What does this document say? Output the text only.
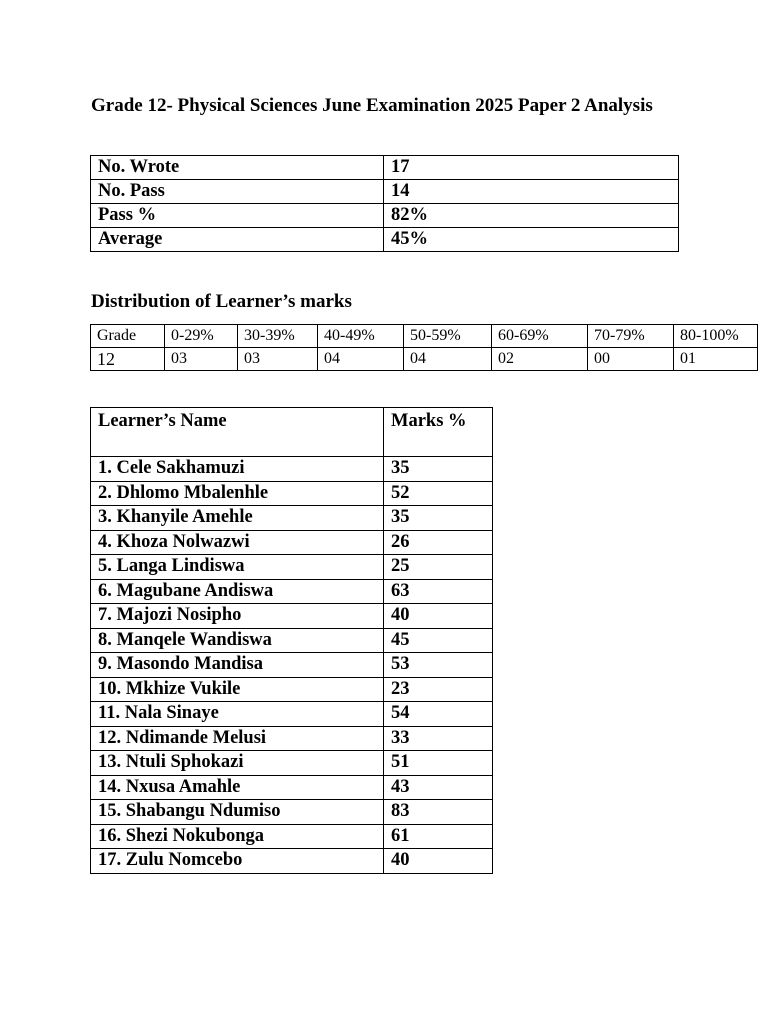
Grade 12- Physical Sciences June Examination 2025 Paper 2 Analysis
No. Wrote	17
No. Pass	14
Pass %	82%
Average	45%
Distribution of Learner’s marks
Grade	0-29%	30-39%	40-49%	50-59%	60-69%	70-79%	80-100%
12	03	03	04	04	02	00	01
Learner’s Name	Marks %
1. Cele Sakhamuzi	35
2. Dhlomo Mbalenhle	52
3. Khanyile Amehle	35
4. Khoza Nolwazwi	26
5. Langa Lindiswa	25
6. Magubane Andiswa	63
7. Majozi Nosipho	40
8. Manqele Wandiswa	45
9. Masondo Mandisa	53
10. Mkhize Vukile	23
11. Nala Sinaye	54
12. Ndimande Melusi	33
13. Ntuli Sphokazi	51
14. Nxusa Amahle	43
15. Shabangu Ndumiso	83
16. Shezi Nokubonga	61
17. Zulu Nomcebo	40
